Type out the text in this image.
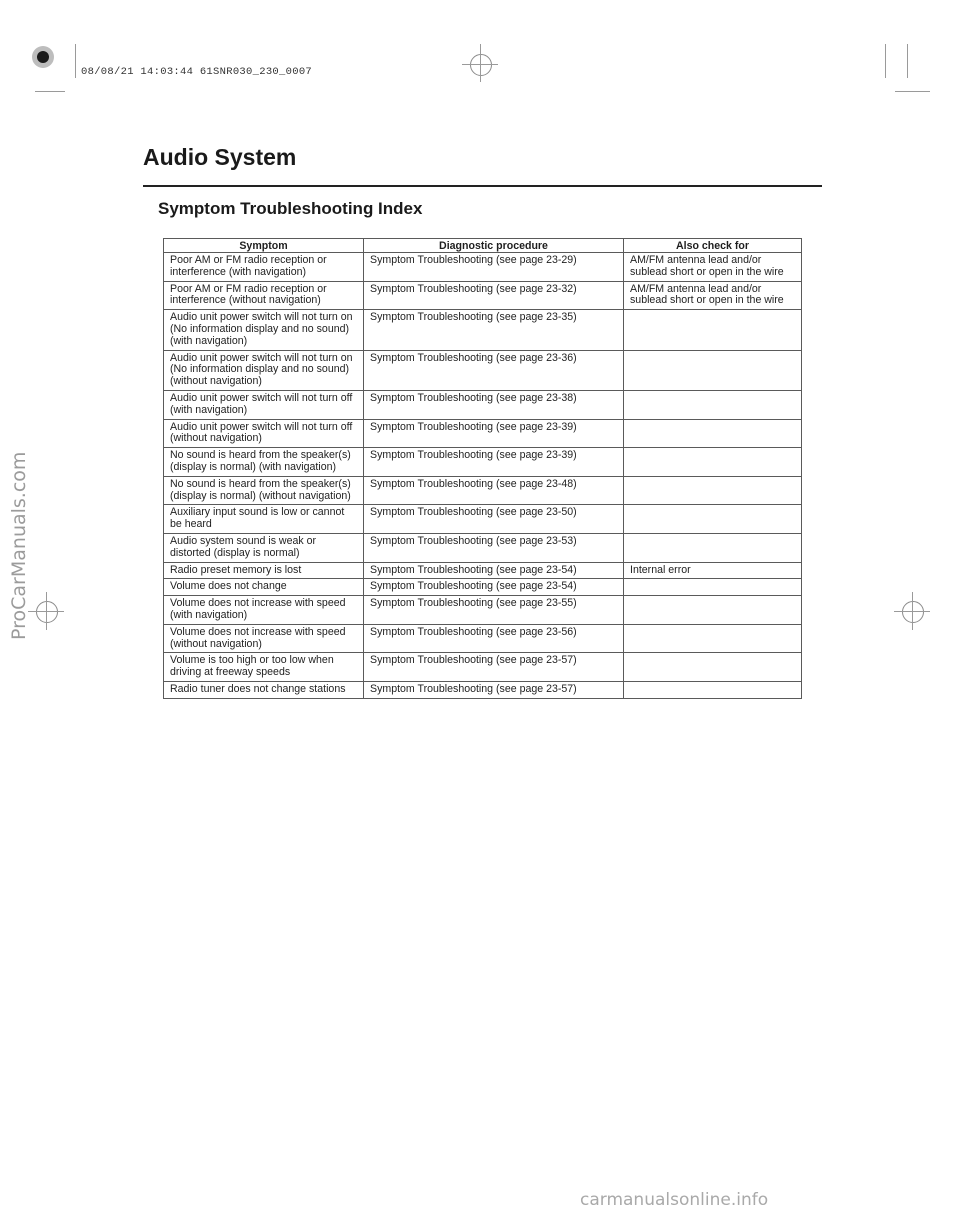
08/08/21 14:03:44 61SNR030_230_0007
Audio System
Symptom Troubleshooting Index
Symptom	Diagnostic procedure	Also check for
Poor AM or FM radio reception or interference (with navigation)	Symptom Troubleshooting (see page 23-29)	AM/FM antenna lead and/or sublead short or open in the wire
Poor AM or FM radio reception or interference (without navigation)	Symptom Troubleshooting (see page 23-32)	AM/FM antenna lead and/or sublead short or open in the wire
Audio unit power switch will not turn on (No information display and no sound) (with navigation)	Symptom Troubleshooting (see page 23-35)	
Audio unit power switch will not turn on (No information display and no sound) (without navigation)	Symptom Troubleshooting (see page 23-36)	
Audio unit power switch will not turn off (with navigation)	Symptom Troubleshooting (see page 23-38)	
Audio unit power switch will not turn off (without navigation)	Symptom Troubleshooting (see page 23-39)	
No sound is heard from the speaker(s) (display is normal) (with navigation)	Symptom Troubleshooting (see page 23-39)	
No sound is heard from the speaker(s) (display is normal) (without navigation)	Symptom Troubleshooting (see page 23-48)	
Auxiliary input sound is low or cannot be heard	Symptom Troubleshooting (see page 23-50)	
Audio system sound is weak or distorted (display is normal)	Symptom Troubleshooting (see page 23-53)	
Radio preset memory is lost	Symptom Troubleshooting (see page 23-54)	Internal error
Volume does not change	Symptom Troubleshooting (see page 23-54)	
Volume does not increase with speed (with navigation)	Symptom Troubleshooting (see page 23-55)	
Volume does not increase with speed (without navigation)	Symptom Troubleshooting (see page 23-56)	
Volume is too high or too low when driving at freeway speeds	Symptom Troubleshooting (see page 23-57)	
Radio tuner does not change stations	Symptom Troubleshooting (see page 23-57)	
ProCarManuals.com
carmanualsonline.info
